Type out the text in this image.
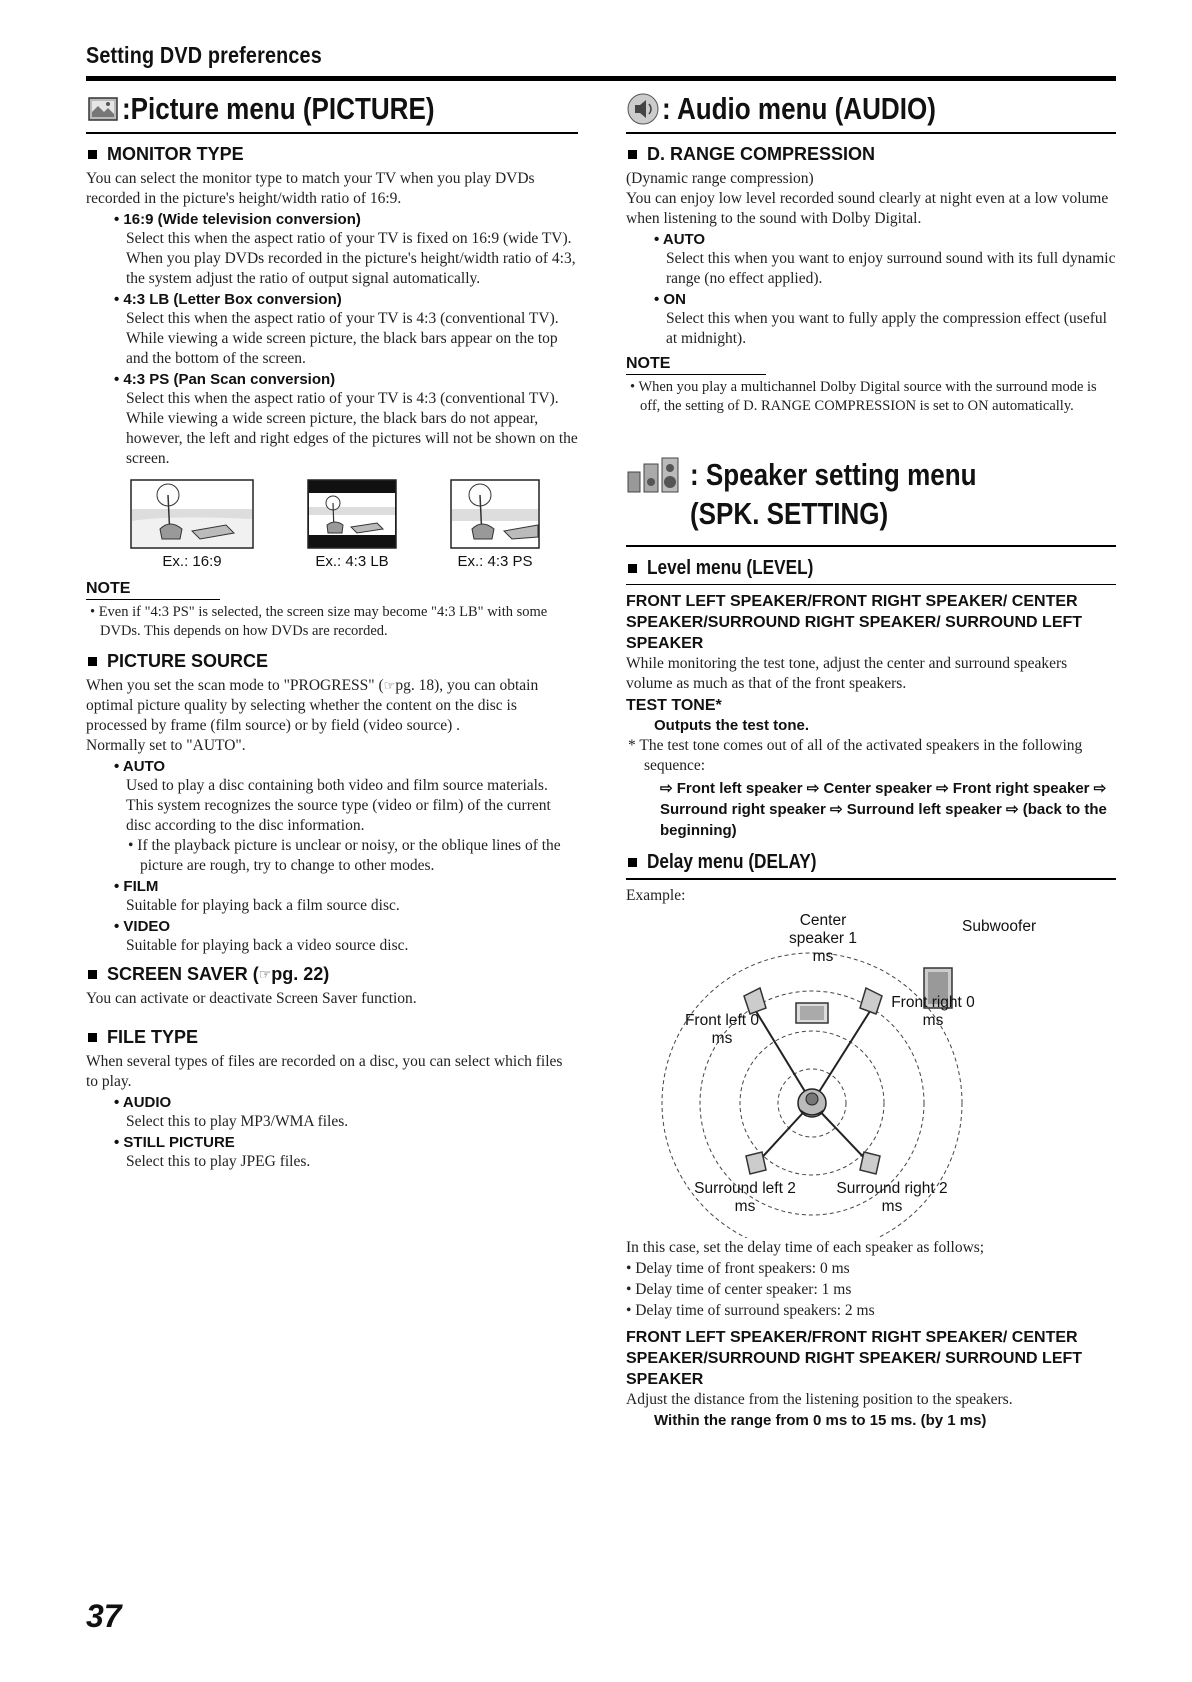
Setting DVD preferences
:Picture menu (PICTURE)
MONITOR TYPE
You can select the monitor type to match your TV when you play DVDs recorded in the picture's height/width ratio of 16:9.
• 16:9 (Wide television conversion)
Select this when the aspect ratio of your TV is fixed on 16:9 (wide TV). When you play DVDs recorded in the picture's height/width ratio of 4:3, the system adjust the ratio of output signal automatically.
• 4:3 LB (Letter Box conversion)
Select this when the aspect ratio of your TV is 4:3 (conventional TV). While viewing a wide screen picture, the black bars appear on the top and the bottom of the screen.
• 4:3 PS (Pan Scan conversion)
Select this when the aspect ratio of your TV is 4:3 (conventional TV). While viewing a wide screen picture, the black bars do not appear, however, the left and right edges of the pictures will not be shown on the screen.
Ex.: 16:9	Ex.: 4:3 LB	Ex.: 4:3 PS
NOTE
• Even if "4:3 PS" is selected, the screen size may become "4:3 LB" with some DVDs. This depends on how DVDs are recorded.
PICTURE SOURCE
When you set the scan mode to "PROGRESS" (☞pg. 18), you can obtain optimal picture quality by selecting whether the content on the disc is processed by frame (film source) or by field (video source) .
Normally set to "AUTO".
• AUTO
Used to play a disc containing both video and film source materials.
This system recognizes the source type (video or film) of the current disc according to the disc information.
• If the playback picture is unclear or noisy, or the oblique lines of the picture are rough, try to change to other modes.
• FILM
Suitable for playing back a film source disc.
• VIDEO
Suitable for playing back a video source disc.
SCREEN SAVER ( ☞ pg. 22)
You can activate or deactivate Screen Saver function.
FILE TYPE
When several types of files are recorded on a disc, you can select which files to play.
• AUDIO
Select this to play MP3/WMA files.
• STILL PICTURE
Select this to play JPEG files.
: Audio menu (AUDIO)
D. RANGE COMPRESSION
(Dynamic range compression)
You can enjoy low level recorded sound clearly at night even at a low volume when listening to the sound with Dolby Digital.
• AUTO
Select this when you want to enjoy surround sound with its full dynamic range (no effect applied).
• ON
Select this when you want to fully apply the compression effect (useful at midnight).
NOTE
• When you play a multichannel Dolby Digital source with the surround mode is off, the setting of D. RANGE COMPRESSION is set to ON automatically.
: Speaker setting menu
(SPK. SETTING)
Level menu (LEVEL)
FRONT LEFT SPEAKER/FRONT RIGHT SPEAKER/ CENTER SPEAKER/SURROUND RIGHT SPEAKER/ SURROUND LEFT SPEAKER
While monitoring the test tone, adjust the center and surround speakers volume as much as that of the front speakers.
TEST TONE*
Outputs the test tone.
* The test tone comes out of all of the activated speakers in the following sequence:
⇨ Front left speaker ⇨ Center speaker ⇨ Front right speaker ⇨ Surround right speaker ⇨ Surround left speaker ⇨ (back to the beginning)
Delay menu (DELAY)
Example:
Center speaker 1 ms
Subwoofer
Front right 0 ms
Front left 0 ms
Surround left 2 ms
Surround right 2 ms
In this case, set the delay time of each speaker as follows;
• Delay time of front speakers: 0 ms
• Delay time of center speaker: 1 ms
• Delay time of surround speakers: 2 ms
FRONT LEFT SPEAKER/FRONT RIGHT SPEAKER/ CENTER SPEAKER/SURROUND RIGHT SPEAKER/ SURROUND LEFT SPEAKER
Adjust the distance from the listening position to the speakers.
Within the range from 0 ms to 15 ms. (by 1 ms)
37
